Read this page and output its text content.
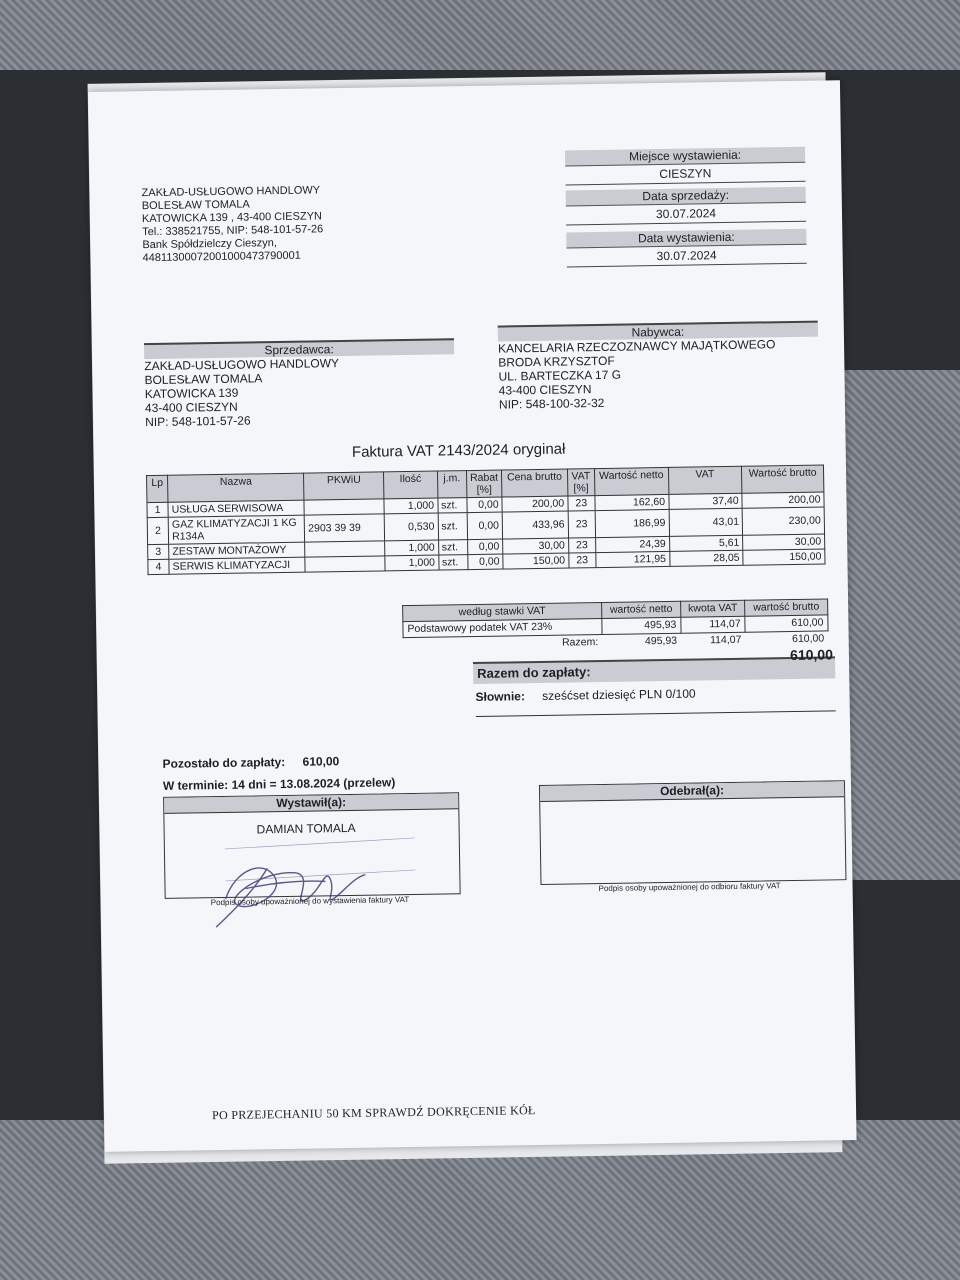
ZAKŁAD-USŁUGOWO HANDLOWY
BOLESŁAW TOMALA
KATOWICKA 139 , 43-400 CIESZYN
Tel.: 338521755, NIP: 548-101-57-26
Bank Spółdzielczy Cieszyn,
44811300072001000473790001
Miejsce wystawienia:
CIESZYN
Data sprzedaży:
30.07.2024
Data wystawienia:
30.07.2024
Sprzedawca:
ZAKŁAD-USŁUGOWO HANDLOWY
BOLESŁAW TOMALA
KATOWICKA 139
43-400 CIESZYN
NIP: 548-101-57-26
Nabywca:
KANCELARIA RZECZOZNAWCY MAJĄTKOWEGO
BRODA KRZYSZTOF
UL. BARTECZKA 17 G
43-400 CIESZYN
NIP: 548-100-32-32
Faktura VAT 2143/2024 oryginał
Lp	Nazwa	PKWiU	Ilość	j.m.	Rabat [%]	Cena brutto	VAT [%]	Wartość netto	VAT	Wartość brutto
1	USŁUGA SERWISOWA		1,000	szt.	0,00	200,00	23	162,60	37,40	200,00
2	GAZ KLIMATYZACJI 1 KG R134A	2903 39 39	0,530	szt.	0,00	433,96	23	186,99	43,01	230,00
3	ZESTAW MONTAŻOWY		1,000	szt.	0,00	30,00	23	24,39	5,61	30,00
4	SERWIS KLIMATYZACJI		1,000	szt.	0,00	150,00	23	121,95	28,05	150,00
według stawki VAT	wartość netto	kwota VAT	wartość brutto
Podstawowy podatek VAT 23%	495,93	114,07	610,00
Razem:	495,93	114,07	610,00
Razem do zapłaty:
610,00
Słownie: sześćset dziesięć PLN 0/100
Pozostało do zapłaty: 610,00
W terminie: 14 dni = 13.08.2024 (przelew)
Wystawił(a):
DAMIAN TOMALA
Podpis osoby upoważnionej do wystawienia faktury VAT
Odebrał(a):
Podpis osoby upoważnionej do odbioru faktury VAT
PO PRZEJECHANIU 50 KM SPRAWDŹ DOKRĘCENIE KÓŁ
